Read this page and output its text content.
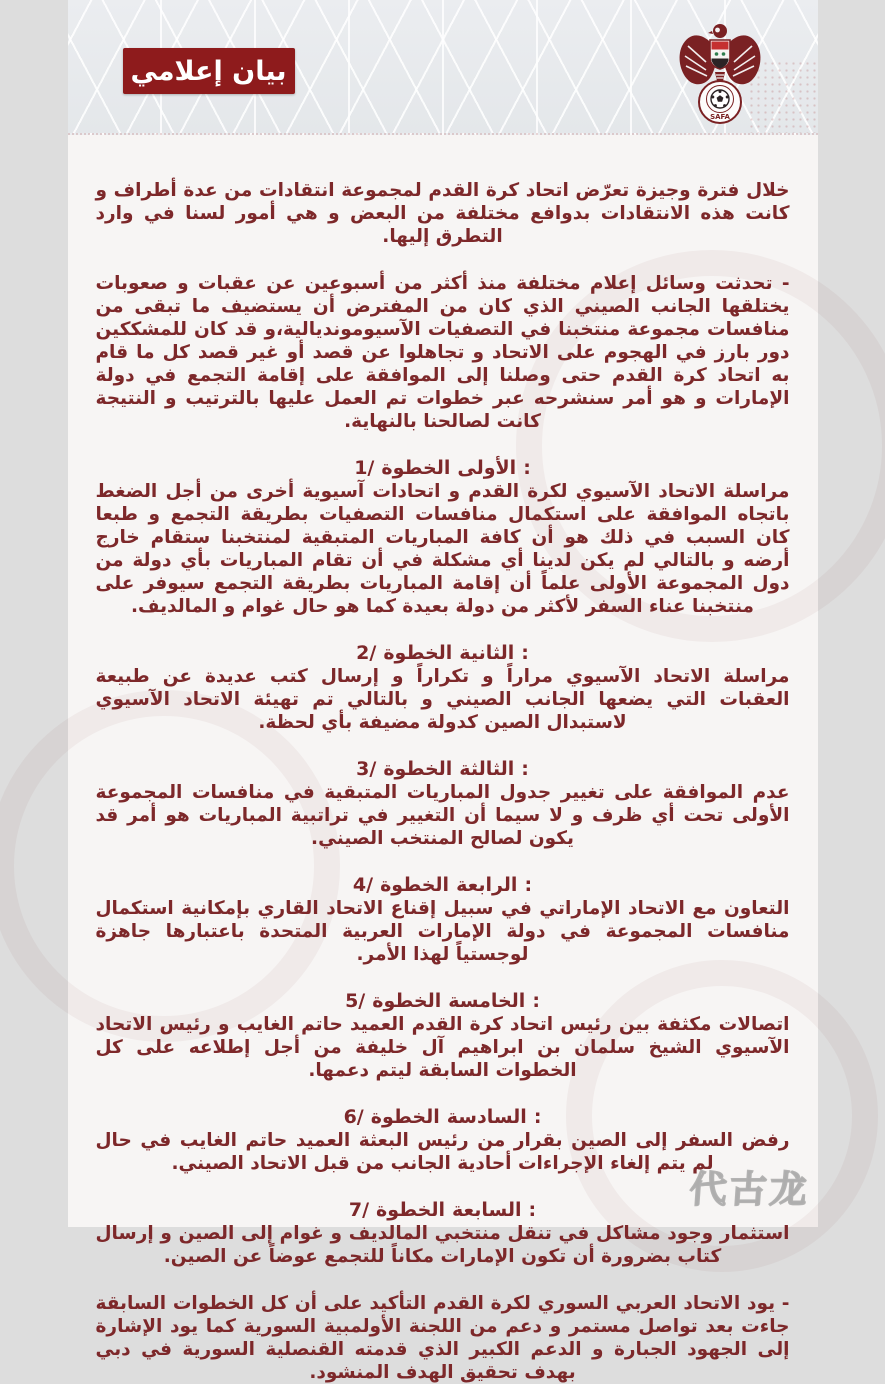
بيان إعلامي
SAFA

خلال فترة وجيزة تعرّض اتحاد كرة القدم لمجموعة انتقادات من عدة أطراف و كانت هذه الانتقادات بدوافع مختلفة من البعض و هي أمور لسنا في وارد التطرق إليها.

- تحدثت وسائل إعلام مختلفة منذ أكثر من أسبوعين عن عقبات و صعوبات يختلقها الجانب الصيني الذي كان من المفترض أن يستضيف ما تبقى من منافسات مجموعة منتخبنا في التصفيات الآسيومونديالية،و قد كان للمشككين دور بارز في الهجوم على الاتحاد و تجاهلوا عن قصد أو غير قصد كل ما قام به اتحاد كرة القدم حتى وصلنا إلى الموافقة على إقامة التجمع في دولة الإمارات و هو أمر سنشرحه عبر خطوات تم العمل عليها بالترتيب و النتيجة كانت لصالحنا بالنهاية.

1/ الخطوة الأولى :

مراسلة الاتحاد الآسيوي لكرة القدم و اتحادات آسيوية أخرى من أجل الضغط باتجاه الموافقة على استكمال منافسات التصفيات بطريقة التجمع و طبعا كان السبب في ذلك هو أن كافة المباريات المتبقية لمنتخبنا ستقام خارج أرضه و بالتالي لم يكن لدينا أي مشكلة في أن تقام المباريات بأي دولة من دول المجموعة الأولى علماً أن إقامة المباريات بطريقة التجمع سيوفر على منتخبنا عناء السفر لأكثر من دولة بعيدة كما هو حال غوام و المالديف.

2/ الخطوة الثانية :

مراسلة الاتحاد الآسيوي مراراً و تكراراً و إرسال كتب عديدة عن طبيعة العقبات التي يضعها الجانب الصيني و بالتالي تم تهيئة الاتحاد الآسيوي لاستبدال الصين كدولة مضيفة بأي لحظة.

3/ الخطوة الثالثة :

عدم الموافقة على تغيير جدول المباريات المتبقية في منافسات المجموعة الأولى تحت أي ظرف و لا سيما أن التغيير في تراتبية المباريات هو أمر قد يكون لصالح المنتخب الصيني.

4/ الخطوة الرابعة :

التعاون مع الاتحاد الإماراتي في سبيل إقناع الاتحاد القاري بإمكانية استكمال منافسات المجموعة في دولة الإمارات العربية المتحدة باعتبارها جاهزة لوجستياً لهذا الأمر.

5/ الخطوة الخامسة :

اتصالات مكثفة بين رئيس اتحاد كرة القدم العميد حاتم الغايب و رئيس الاتحاد الآسيوي الشيخ سلمان بن ابراهيم آل خليفة من أجل إطلاعه على كل الخطوات السابقة ليتم دعمها.

6/ الخطوة السادسة :

رفض السفر إلى الصين بقرار من رئيس البعثة العميد حاتم الغايب في حال لم يتم إلغاء الإجراءات أحادية الجانب من قبل الاتحاد الصيني.

7/ الخطوة السابعة :

استثمار وجود مشاكل في تنقل منتخبي المالديف و غوام إلى الصين و إرسال كتاب بضرورة أن تكون الإمارات مكاناً للتجمع عوضاً عن الصين.

- يود الاتحاد العربي السوري لكرة القدم التأكيد على أن كل الخطوات السابقة جاءت بعد تواصل مستمر و دعم من اللجنة الأولمبية السورية كما يود الإشارة إلى الجهود الجبارة و الدعم الكبير الذي قدمته القنصلية السورية في دبي بهدف تحقيق الهدف المنشود.

代古龙
